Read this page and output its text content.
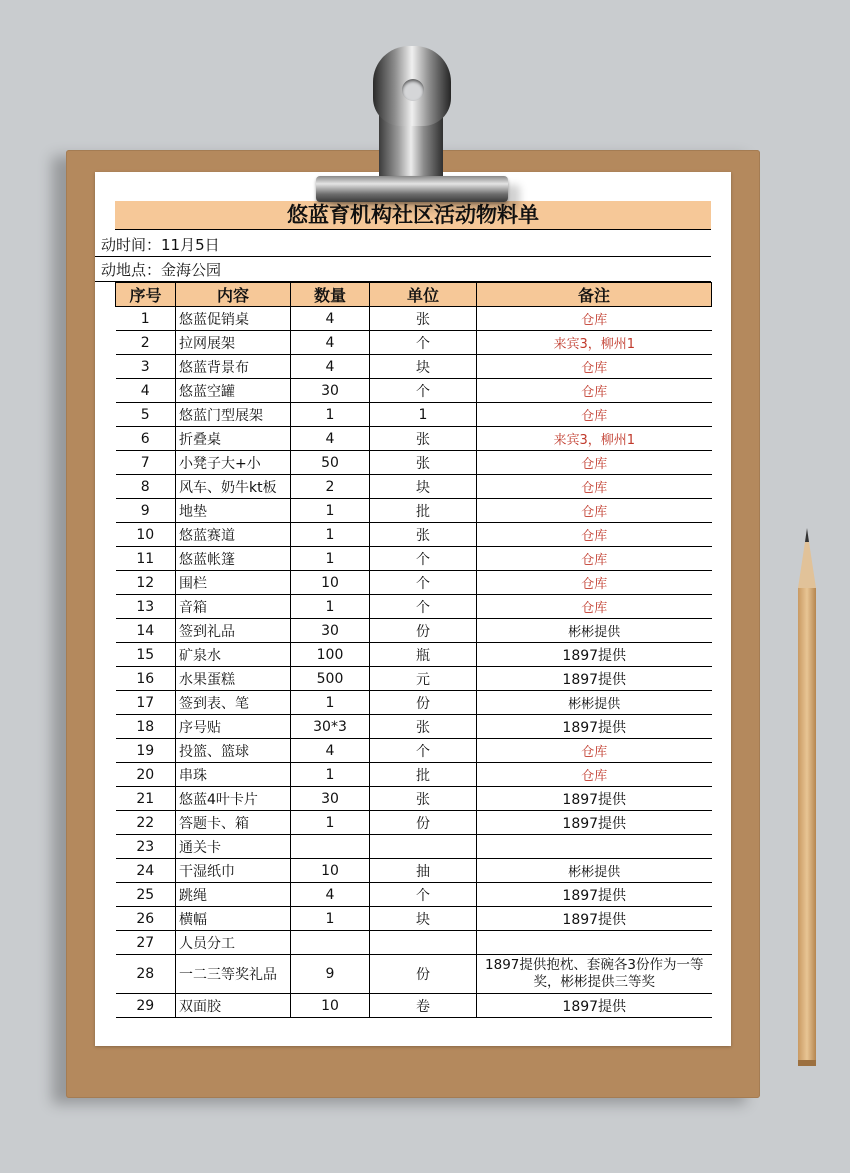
悠蓝育机构社区活动物料单
动时间：11月5日
动地点：金海公园
序号	内容	数量	单位	备注
1	悠蓝促销桌	4	张	仓库
2	拉网展架	4	个	来宾3，柳州1
3	悠蓝背景布	4	块	仓库
4	悠蓝空罐	30	个	仓库
5	悠蓝门型展架	1	1	仓库
6	折叠桌	4	张	来宾3，柳州1
7	小凳子大+小	50	张	仓库
8	风车、奶牛kt板	2	块	仓库
9	地垫	1	批	仓库
10	悠蓝赛道	1	张	仓库
11	悠蓝帐篷	1	个	仓库
12	围栏	10	个	仓库
13	音箱	1	个	仓库
14	签到礼品	30	份	彬彬提供
15	矿泉水	100	瓶	1897提供
16	水果蛋糕	500	元	1897提供
17	签到表、笔	1	份	彬彬提供
18	序号贴	30*3	张	1897提供
19	投篮、篮球	4	个	仓库
20	串珠	1	批	仓库
21	悠蓝4叶卡片	30	张	1897提供
22	答题卡、箱	1	份	1897提供
23	通关卡			
24	干湿纸巾	10	抽	彬彬提供
25	跳绳	4	个	1897提供
26	横幅	1	块	1897提供
27	人员分工			
28	一二三等奖礼品	9	份	1897提供抱枕、套碗各3份作为一等奖，彬彬提供三等奖
29	双面胶	10	卷	1897提供
